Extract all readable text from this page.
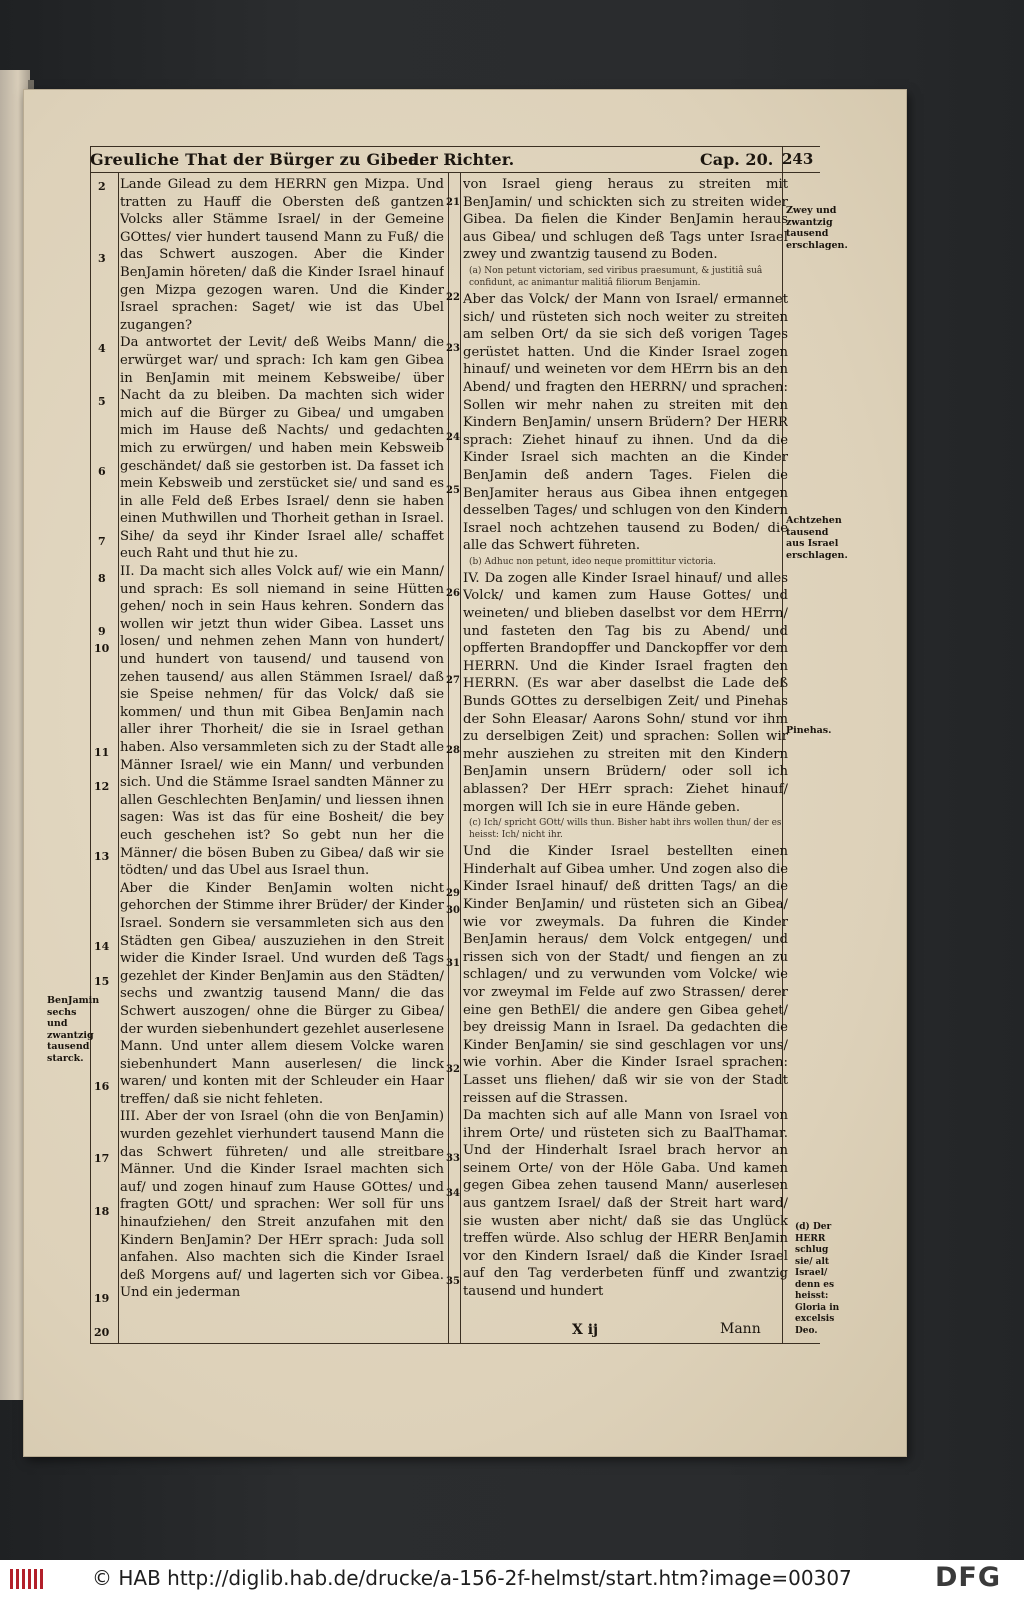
Greuliche That der Bürger zu Gibea.
der Richter.	Cap. 20. 243

Lande Gilead zu dem HERRN gen Mizpa. Und tratten zu Hauff die Obersten deß gantzen Volcks aller Stämme Israel/ in der Gemeine GOttes/ vier hundert tausend Mann zu Fuß/ die das Schwert auszogen. Aber die Kinder BenJamin höreten/ daß die Kinder Israel hinauf gen Mizpa gezogen waren. Und die Kinder Israel sprachen: Saget/ wie ist das Ubel zugangen?

Da antwortet der Levit/ deß Weibs Mann/ die erwürget war/ und sprach: Ich kam gen Gibea in BenJamin mit meinem Kebsweibe/ über Nacht da zu bleiben. Da machten sich wider mich auf die Bürger zu Gibea/ und umgaben mich im Hause deß Nachts/ und gedachten mich zu erwürgen/ und haben mein Kebsweib geschändet/ daß sie gestorben ist. Da fasset ich mein Kebsweib und zerstücket sie/ und sand es in alle Feld deß Erbes Israel/ denn sie haben einen Muthwillen und Thorheit gethan in Israel. Sihe/ da seyd ihr Kinder Israel alle/ schaffet euch Raht und thut hie zu.

II. Da macht sich alles Volck auf/ wie ein Mann/ und sprach: Es soll niemand in seine Hütten gehen/ noch in sein Haus kehren. Sondern das wollen wir jetzt thun wider Gibea. Lasset uns losen/ und nehmen zehen Mann von hundert/ und hundert von tausend/ und tausend von zehen tausend/ aus allen Stämmen Israel/ daß sie Speise nehmen/ für das Volck/ daß sie kommen/ und thun mit Gibea BenJamin nach aller ihrer Thorheit/ die sie in Israel gethan haben. Also versammleten sich zu der Stadt alle Männer Israel/ wie ein Mann/ und verbunden sich. Und die Stämme Israel sandten Männer zu allen Geschlechten BenJamin/ und liessen ihnen sagen: Was ist das für eine Bosheit/ die bey euch geschehen ist? So gebt nun her die Männer/ die bösen Buben zu Gibea/ daß wir sie tödten/ und das Ubel aus Israel thun.

Aber die Kinder BenJamin wolten nicht gehorchen der Stimme ihrer Brüder/ der Kinder Israel. Sondern sie versammleten sich aus den Städten gen Gibea/ auszuziehen in den Streit wider die Kinder Israel. Und wurden deß Tags gezehlet der Kinder BenJamin aus den Städten/ sechs und zwantzig tausend Mann/ die das Schwert auszogen/ ohne die Bürger zu Gibea/ der wurden siebenhundert gezehlet auserlesene Mann. Und unter allem diesem Volcke waren siebenhundert Mann auserlesen/ die linck waren/ und konten mit der Schleuder ein Haar treffen/ daß sie nicht fehleten.

III. Aber der von Israel (ohn die von BenJamin) wurden gezehlet vierhundert tausend Mann die das Schwert führeten/ und alle streitbare Männer. Und die Kinder Israel machten sich auf/ und zogen hinauf zum Hause GOttes/ und fragten GOtt/ und sprachen: Wer soll für uns hinaufziehen/ den Streit anzufahen mit den Kindern BenJamin? Der HErr sprach: Juda soll anfahen. Also machten sich die Kinder Israel deß Morgens auf/ und lagerten sich vor Gibea. Und ein jederman

von Israel gieng heraus zu streiten mit BenJamin/ und schickten sich zu streiten wider Gibea. Da fielen die Kinder BenJamin heraus aus Gibea/ und schlugen deß Tags unter Israel zwey und zwantzig tausend zu Boden.

(a) Non petunt victoriam, sed viribus praesumunt, & justitiâ suâ confidunt, ac animantur malitiâ filiorum Benjamin.

Aber das Volck/ der Mann von Israel/ ermannet sich/ und rüsteten sich noch weiter zu streiten am selben Ort/ da sie sich deß vorigen Tages gerüstet hatten. Und die Kinder Israel zogen hinauf/ und weineten vor dem HErrn bis an den Abend/ und fragten den HERRN/ und sprachen: Sollen wir mehr nahen zu streiten mit den Kindern BenJamin/ unsern Brüdern? Der HERR sprach: Ziehet hinauf zu ihnen. Und da die Kinder Israel sich machten an die Kinder BenJamin deß andern Tages. Fielen die BenJamiter heraus aus Gibea ihnen entgegen desselben Tages/ und schlugen von den Kindern Israel noch achtzehen tausend zu Boden/ die alle das Schwert führeten.

(b) Adhuc non petunt, ideo neque promittitur victoria.

IV. Da zogen alle Kinder Israel hinauf/ und alles Volck/ und kamen zum Hause Gottes/ und weineten/ und blieben daselbst vor dem HErrn/ und fasteten den Tag bis zu Abend/ und opfferten Brandopffer und Danckopffer vor dem HERRN. Und die Kinder Israel fragten den HERRN. (Es war aber daselbst die Lade deß Bunds GOttes zu derselbigen Zeit/ und Pinehas der Sohn Eleasar/ Aarons Sohn/ stund vor ihm zu derselbigen Zeit) und sprachen: Sollen wir mehr ausziehen zu streiten mit den Kindern BenJamin unsern Brüdern/ oder soll ich ablassen? Der HErr sprach: Ziehet hinauf/ morgen will Ich sie in eure Hände geben.

(c) Ich/ spricht GOtt/ wills thun. Bisher habt ihrs wollen thun/ der es heisst: Ich/ nicht ihr.

Und die Kinder Israel bestellten einen Hinderhalt auf Gibea umher. Und zogen also die Kinder Israel hinauf/ deß dritten Tags/ an die Kinder BenJamin/ und rüsteten sich an Gibea/ wie vor zweymals. Da fuhren die Kinder BenJamin heraus/ dem Volck entgegen/ und rissen sich von der Stadt/ und fiengen an zu schlagen/ und zu verwunden vom Volcke/ wie vor zweymal im Felde auf zwo Strassen/ derer eine gen BethEl/ die andere gen Gibea gehet/ bey dreissig Mann in Israel. Da gedachten die Kinder BenJamin/ sie sind geschlagen vor uns/ wie vorhin. Aber die Kinder Israel sprachen: Lasset uns fliehen/ daß wir sie von der Stadt reissen auf die Strassen.

Da machten sich auf alle Mann von Israel von ihrem Orte/ und rüsteten sich zu BaalThamar. Und der Hinderhalt Israel brach hervor an seinem Orte/ von der Höle Gaba. Und kamen gegen Gibea zehen tausend Mann/ auserlesen aus gantzem Israel/ daß der Streit hart ward/ sie wusten aber nicht/ daß sie das Unglück treffen würde. Also schlug der HERR BenJamin vor den Kindern Israel/ daß die Kinder Israel auf den Tag verderbeten fünff und zwantzig tausend und hundert

2
3
4
5
6
7
8
9
10
11
12
13
14
15
16
17
18
19
20
21
22
23
24
25
26
27
28
29
30
31
32
33
34
35
Zwey und zwantzig tausend erschlagen.
Achtzehen tausend aus Israel erschlagen.
Pinehas.
(d) Der HERR schlug sie/ alt Israel/ denn es heisst: Gloria in excelsis Deo.
BenJamin sechs und zwantzig tausend starck.
X ij	Mann
© HAB http://diglib.hab.de/drucke/a-156-2f-helmst/start.htm?image=00307	DFG
